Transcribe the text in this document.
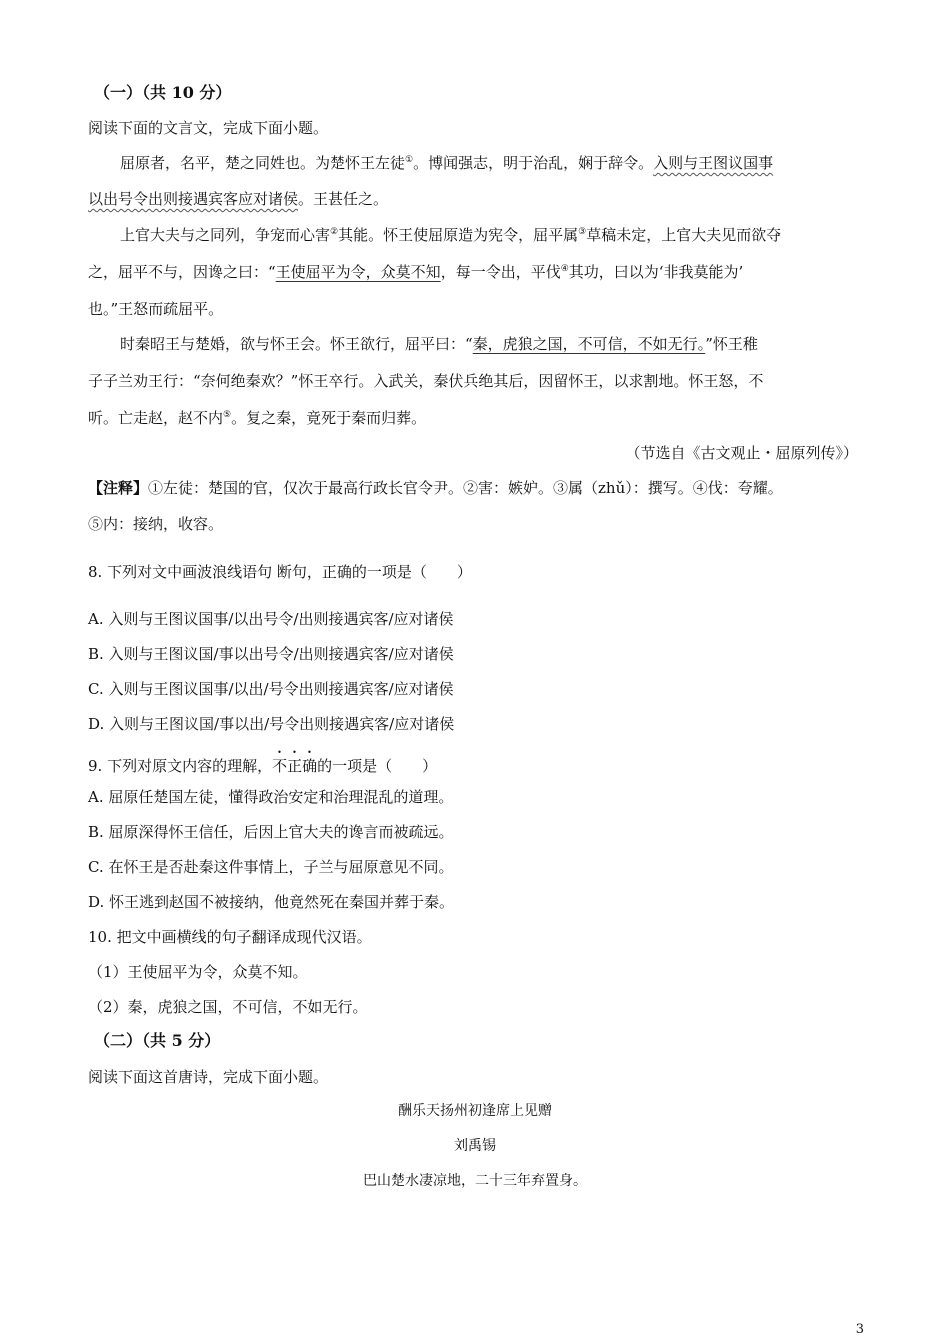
（一）（共 10 分）
阅读下面的文言文，完成下面小题。
屈原者，名平，楚之同姓也。为楚怀王左徒①。博闻强志，明于治乱，娴于辞令。入则与王图议国事
以出号令出则接遇宾客应对诸侯。王甚任之。
上官大夫与之同列，争宠而心害②其能。怀王使屈原造为宪令，屈平属③草稿未定，上官大夫见而欲夺
之，屈平不与，因谗之曰：“王使屈平为令，众莫不知，每一令出，平伐④其功，曰以为‘非我莫能为’
也。”王怒而疏屈平。
时秦昭王与楚婚，欲与怀王会。怀王欲行，屈平曰：“秦，虎狼之国，不可信，不如无行。”怀王稚
子子兰劝王行：“奈何绝秦欢？”怀王卒行。入武关，秦伏兵绝其后，因留怀王，以求割地。怀王怒，不
听。亡走赵，赵不内⑤。复之秦，竟死于秦而归葬。
（节选自《古文观止・屈原列传》）
【注释】①左徒：楚国的官，仅次于最高行政长官令尹。②害：嫉妒。③属（zhǔ）：撰写。④伐：夸耀。
⑤内：接纳，收容。
8. 下列对文中画波浪线语句 断句，正确的一项是（　　）
A. 入则与王图议国事/以出号令/出则接遇宾客/应对诸侯
B. 入则与王图议国/事以出号令/出则接遇宾客/应对诸侯
C. 入则与王图议国事/以出/号令出则接遇宾客/应对诸侯
D. 入则与王图议国/事以出/号令出则接遇宾客/应对诸侯
9. 下列对原文内容的理解，不正确的一项是（　　）
A. 屈原任楚国左徒，懂得政治安定和治理混乱的道理。
B. 屈原深得怀王信任，后因上官大夫的谗言而被疏远。
C. 在怀王是否赴秦这件事情上，子兰与屈原意见不同。
D. 怀王逃到赵国不被接纳，他竟然死在秦国并葬于秦。
10. 把文中画横线的句子翻译成现代汉语。
（1）王使屈平为令，众莫不知。
（2）秦，虎狼之国，不可信，不如无行。
（二）（共 5 分）
阅读下面这首唐诗，完成下面小题。
酬乐天扬州初逢席上见赠
刘禹锡
巴山楚水凄凉地，二十三年弃置身。
3
